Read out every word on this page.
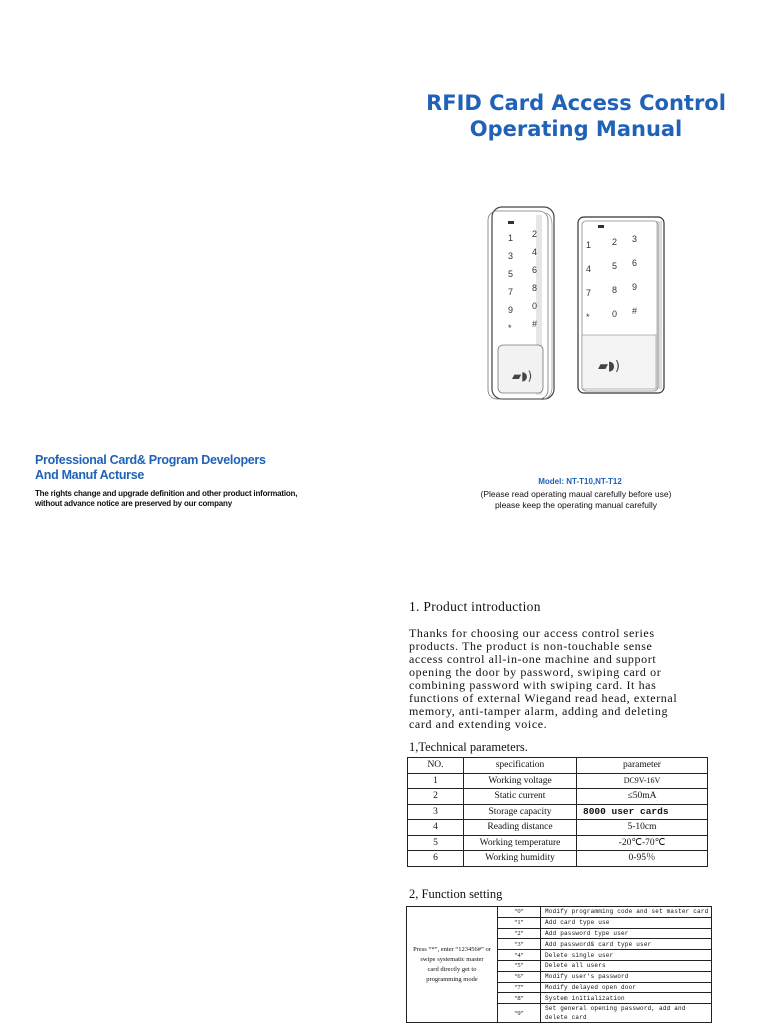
RFID Card Access Control
Operating Manual
1 2
3 4
5 6
7 8
9 0
* #
▰◗)
1 2 3
4 5 6
7 8 9
* 0 #
▰◗)
Professional Card& Program Developers
And Manuf Acturse
The rights change and upgrade definition and other product information,
without advance notice are preserved by our company
Model: NT-T10,NT-T12
(Please read operating maual carefully before use)
please keep the operating manual carefully
1. Product introduction
Thanks for choosing our access control series
products. The product is non-touchable sense
access control all-in-one machine and support
opening the door by password, swiping card or
combining password with swiping card. It has
functions of external Wiegand read head, external
memory, anti-tamper alarm, adding and deleting
card and extending voice.
1,Technical parameters.
NO.	specification	parameter
1	Working voltage	DC9V-16V
2	Static current	≤50mA
3	Storage capacity	8000 user cards
4	Reading distance	5-10cm
5	Working temperature	-20℃-70℃
6	Working humidity	0-95％
2, Function setting
Press “*”, enter “123456#” or
swipe systematic master
card directly get to
programming mode	“0”	Modify programming code and set master card
	“1”	Add card type use
	“2”	Add password type user
	“3”	Add password& card type user
	“4”	Delete single user
	“5”	Delete all users
	“6”	Modify user's password
	“7”	Modify delayed open door
	“8”	System initialization
	“9”	Set general opening password, add and delete card
